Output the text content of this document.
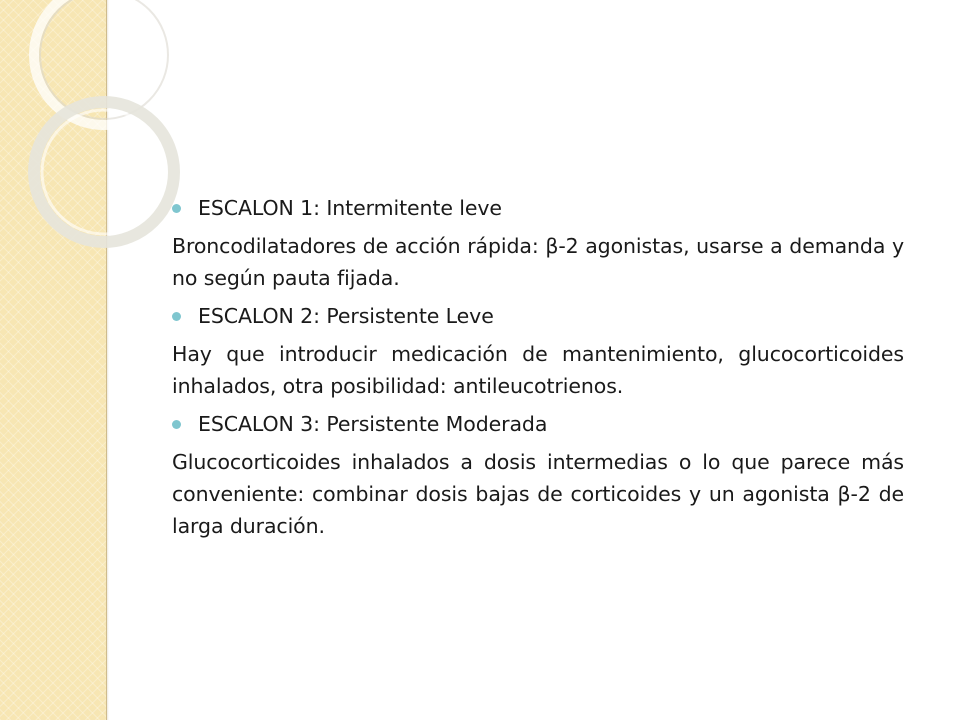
ESCALON 1: Intermitente leve

Broncodilatadores de acción rápida: β-2 agonistas, usarse a demanda y no según pauta fijada.

ESCALON 2: Persistente Leve

Hay que introducir medicación de mantenimiento, glucocorticoides inhalados, otra posibilidad: antileucotrienos.

ESCALON 3: Persistente Moderada

Glucocorticoides inhalados a dosis intermedias o lo que parece más conveniente: combinar dosis bajas de corticoides y un agonista β-2 de larga duración.
